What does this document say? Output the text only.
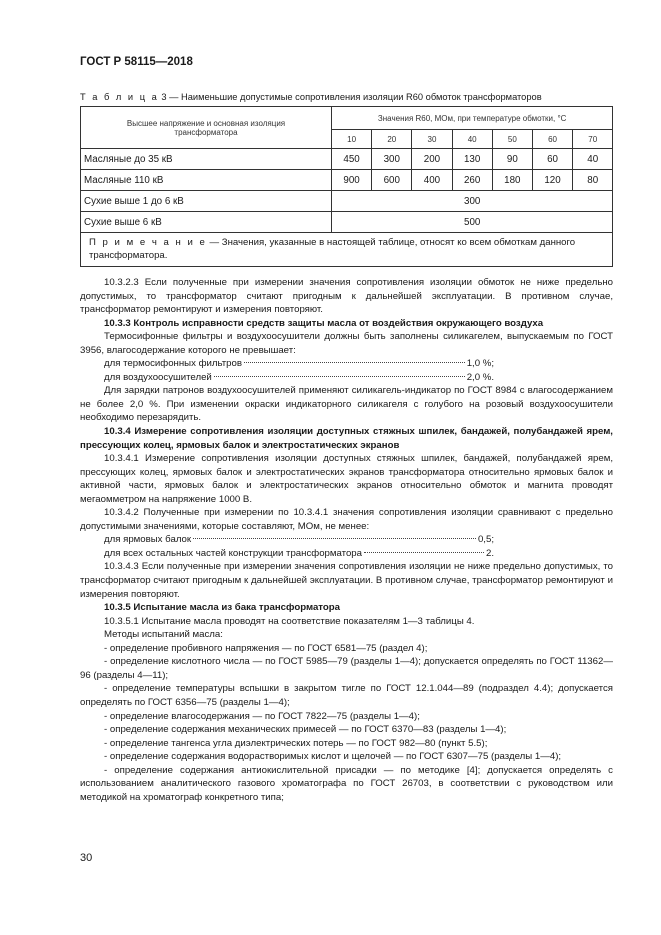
ГОСТ Р 58115—2018
Т а б л и ц а 3 — Наименьшие допустимые сопротивления изоляции R60 обмоток трансформаторов
Высшее напряжение и основная изоляция трансформатора	Значения R60, МОм, при температуре обмотки, °С						
	10	20	30	40	50	60	70
Масляные до 35 кВ	450	300	200	130	90	60	40
Масляные 110 кВ	900	600	400	260	180	120	80
Сухие выше 1 до 6 кВ	300						
Сухие выше 6 кВ	500						
П р и м е ч а н и е — Значения, указанные в настоящей таблице, относят ко всем обмоткам данного трансформатора.							

10.3.2.3 Если полученные при измерении значения сопротивления изоляции обмоток не ниже предельно допустимых, то трансформатор считают пригодным к дальнейшей эксплуатации. В противном случае, трансформатор ремонтируют и измерения повторяют.

10.3.3 Контроль исправности средств защиты масла от воздействия окружающего воздуха

Термосифонные фильтры и воздухоосушители должны быть заполнены силикагелем, выпускаемым по ГОСТ 3956, влагосодержание которого не превышает:

для термосифонных фильтров	1,0 %;
для воздухоосушителей	2,0 %.

Для зарядки патронов воздухоосушителей применяют силикагель-индикатор по ГОСТ 8984 с влагосодержанием не более 2,0 %. При изменении окраски индикаторного силикагеля с голубого на розовый воздухоосушители необходимо перезарядить.

10.3.4 Измерение сопротивления изоляции доступных стяжных шпилек, бандажей, полубандажей ярем, прессующих колец, ярмовых балок и электростатических экранов

10.3.4.1 Измерение сопротивления изоляции доступных стяжных шпилек, бандажей, полубандажей ярем, прессующих колец, ярмовых балок и электростатических экранов трансформатора относительно ярмовых балок и активной части, ярмовых балок и электростатических экранов относительно обмоток и магнита проводят мегаомметром на напряжение 1000 В.

10.3.4.2 Полученные при измерении по 10.3.4.1 значения сопротивления изоляции сравнивают с предельно допустимыми значениями, которые составляют, МОм, не менее:

для ярмовых балок	0,5;
для всех остальных частей конструкции трансформатора	2.

10.3.4.3 Если полученные при измерении значения сопротивления изоляции не ниже предельно допустимых, то трансформатор считают пригодным к дальнейшей эксплуатации. В противном случае, трансформатор ремонтируют и измерения повторяют.

10.3.5 Испытание масла из бака трансформатора

10.3.5.1 Испытание масла проводят на соответствие показателям 1—3 таблицы 4.

Методы испытаний масла:

- определение пробивного напряжения — по ГОСТ 6581—75 (раздел 4);

- определение кислотного числа — по ГОСТ 5985—79 (разделы 1—4); допускается определять по ГОСТ 11362—96 (разделы 4—11);

- определение температуры вспышки в закрытом тигле по ГОСТ 12.1.044—89 (подраздел 4.4); допускается определять по ГОСТ 6356—75 (разделы 1—4);

- определение влагосодержания — по ГОСТ 7822—75 (разделы 1—4);

- определение содержания механических примесей — по ГОСТ 6370—83 (разделы 1—4);

- определение тангенса угла диэлектрических потерь — по ГОСТ 982—80 (пункт 5.5);

- определение содержания водорастворимых кислот и щелочей — по ГОСТ 6307—75 (разделы 1—4);

- определение содержания антиокислительной присадки — по методике [4]; допускается определять с использованием аналитического газового хроматографа по ГОСТ 26703, в соответствии с руководством или методикой на хроматограф конкретного типа;

30
